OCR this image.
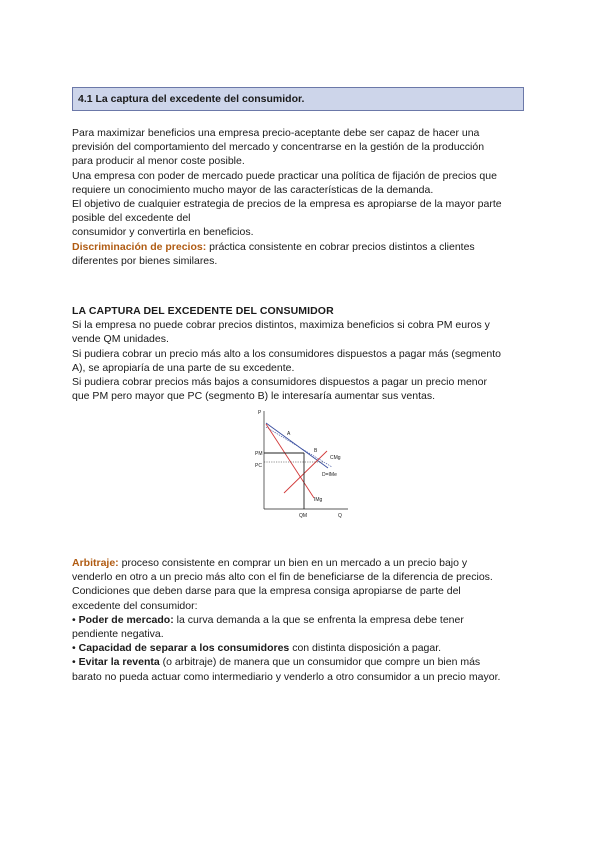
4.1 La captura del excedente del consumidor.

Para maximizar beneficios una empresa precio-aceptante debe ser capaz de hacer una

previsión del comportamiento del mercado y concentrarse en la gestión de la producción

para producir al menor coste posible.

Una empresa con poder de mercado puede practicar una política de fijación de precios que

requiere un conocimiento mucho mayor de las características de la demanda.

El objetivo de cualquier estrategia de precios de la empresa es apropiarse de la mayor parte

posible del excedente del

consumidor y convertirla en beneficios.

Discriminación de precios: práctica consistente en cobrar precios distintos a clientes

diferentes por bienes similares.

LA CAPTURA DEL EXCEDENTE DEL CONSUMIDOR

Si la empresa no puede cobrar precios distintos, maximiza beneficios si cobra PM euros y

vende QM unidades.

Si pudiera cobrar un precio más alto a los consumidores dispuestos a pagar más (segmento

A), se apropiaría de una parte de su excedente.

Si pudiera cobrar precios más bajos a consumidores dispuestos a pagar un precio menor

que PM pero mayor que PC (segmento B) le interesaría aumentar sus ventas.

P
Q
PM
PC
QM
A
B
CMg
D=IMe
IMg

Arbitraje: proceso consistente en comprar un bien en un mercado a un precio bajo y

venderlo en otro a un precio más alto con el fin de beneficiarse de la diferencia de precios.

Condiciones que deben darse para que la empresa consiga apropiarse de parte del

excedente del consumidor:

• Poder de mercado: la curva demanda a la que se enfrenta la empresa debe tener

pendiente negativa.

• Capacidad de separar a los consumidores con distinta disposición a pagar.

• Evitar la reventa (o arbitraje) de manera que un consumidor que compre un bien más

barato no pueda actuar como intermediario y venderlo a otro consumidor a un precio mayor.
